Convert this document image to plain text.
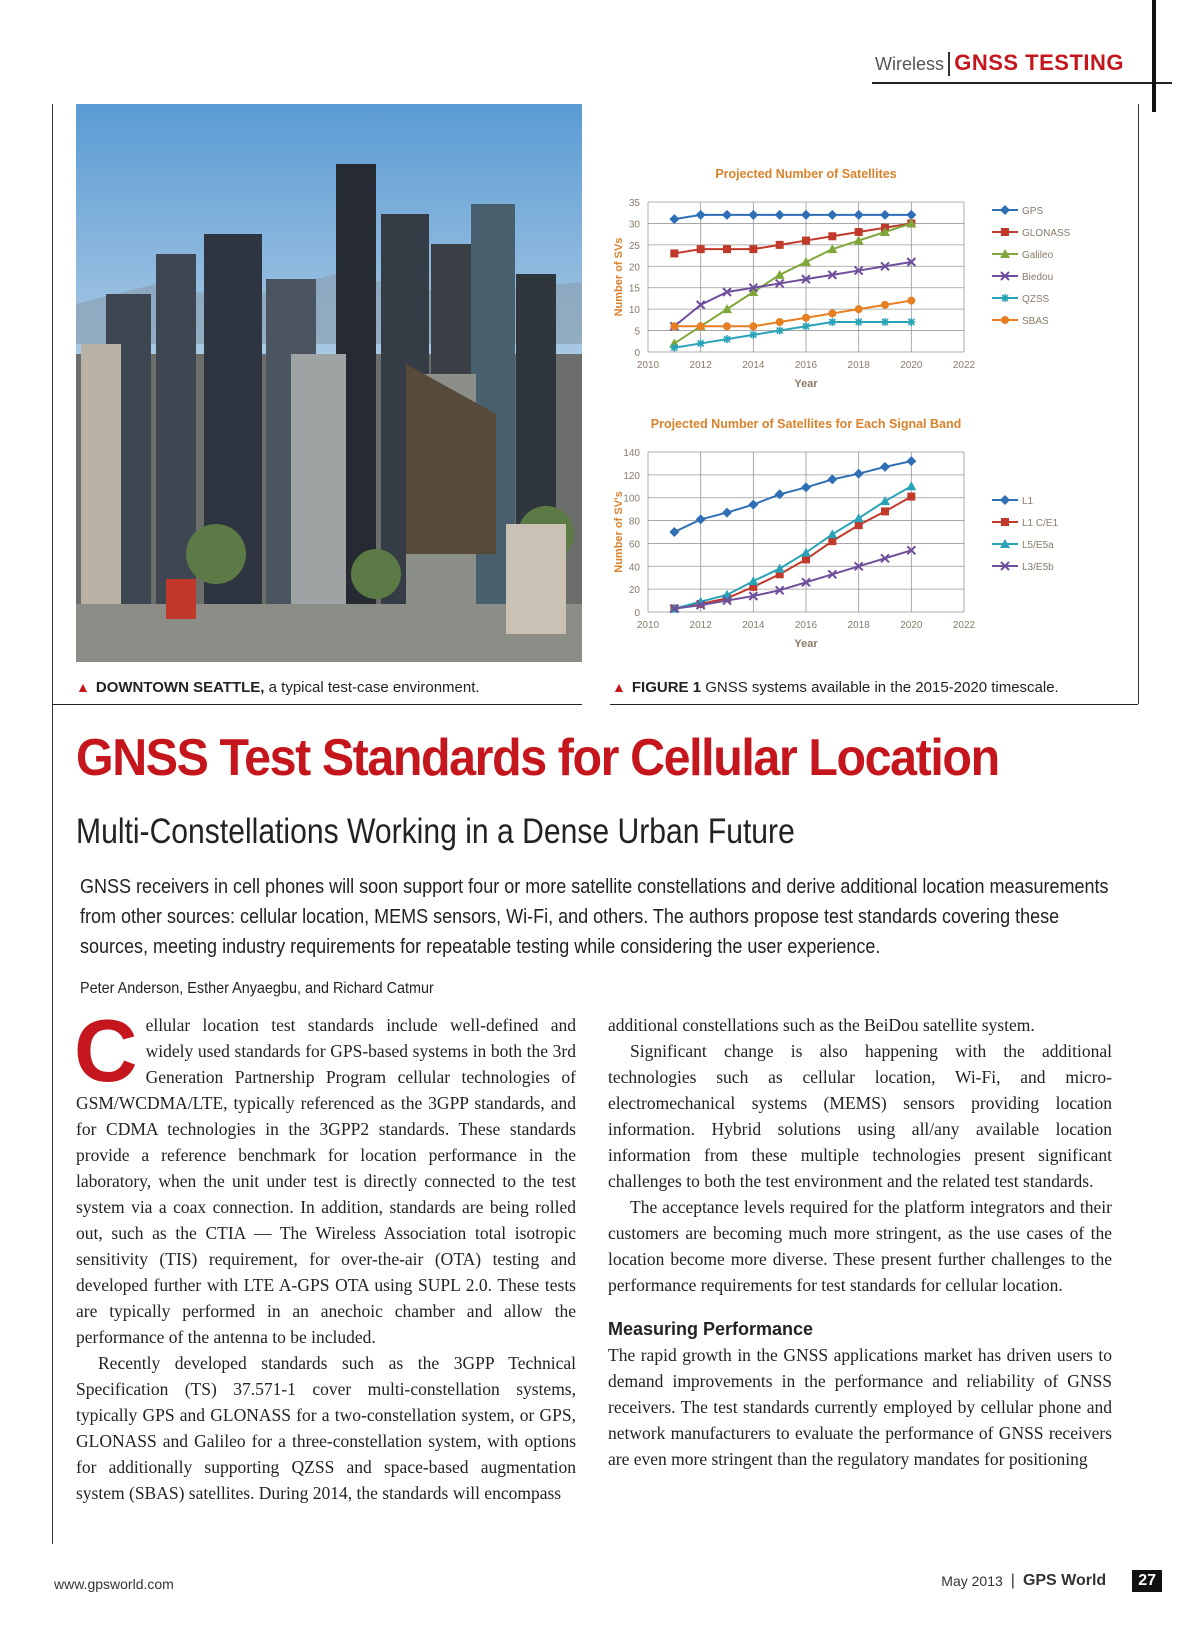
Wireless GNSS TESTING
Projected Number of Satellites
0
5
10
15
20
25
30
35
2010	2012	2014	2016	2018	2020	2022
Year
Number of SVs
GPS
GLONASS
Galileo
Biedou
QZSS
SBAS
Projected Number of Satellites for Each Signal Band
0
20
40
60
80
100
120
140
2010	2012	2014	2016	2018	2020	2022
Year
Number of SV's	L1
L1 C/E1
L5/E5a
L3/E5b
▲ DOWNTOWN SEATTLE, a typical test-case environment.	▲ FIGURE 1 GNSS systems available in the 2015-2020 timescale.
GNSS Test Standards for Cellular Location
Multi-Constellations Working in a Dense Urban Future
GNSS receivers in cell phones will soon support four or more satellite constellations and derive additional location measurements from other sources: cellular location, MEMS sensors, Wi-Fi, and others. The authors propose test standards covering these sources, meeting industry requirements for repeatable testing while considering the user experience.
Peter Anderson, Esther Anyaegbu, and Richard Catmur

Cellular location test standards include well-defined and widely used standards for GPS-based systems in both the 3rd Generation Partnership Program cellular technologies of GSM/WCDMA/LTE, typically referenced as the 3GPP standards, and for CDMA technologies in the 3GPP2 standards. These standards provide a reference benchmark for location performance in the laboratory, when the unit under test is directly connected to the test system via a coax connection. In addition, standards are being rolled out, such as the CTIA — The Wireless Association total isotropic sensitivity (TIS) requirement, for over-the-air (OTA) testing and developed further with LTE A-GPS OTA using SUPL 2.0. These tests are typically performed in an anechoic chamber and allow the performance of the antenna to be included.

Recently developed standards such as the 3GPP Technical Specification (TS) 37.571-1 cover multi-constellation systems, typically GPS and GLONASS for a two-constellation system, or GPS, GLONASS and Galileo for a three-constellation system, with options for additionally supporting QZSS and space-based augmentation system (SBAS) satellites. During 2014, the standards will encompass

additional constellations such as the BeiDou satellite system.

Significant change is also happening with the additional technologies such as cellular location, Wi-Fi, and micro-electromechanical systems (MEMS) sensors providing location information. Hybrid solutions using all/any available location information from these multiple technologies present significant challenges to both the test environment and the related test standards.

The acceptance levels required for the platform integrators and their customers are becoming much more stringent, as the use cases of the location become more diverse. These present further challenges to the performance requirements for test standards for cellular location.

Measuring Performance

The rapid growth in the GNSS applications market has driven users to demand improvements in the performance and reliability of GNSS receivers. The test standards currently employed by cellular phone and network manufacturers to evaluate the performance of GNSS receivers are even more stringent than the regulatory mandates for positioning

www.gpsworld.com	May 2013 | GPS World	27
